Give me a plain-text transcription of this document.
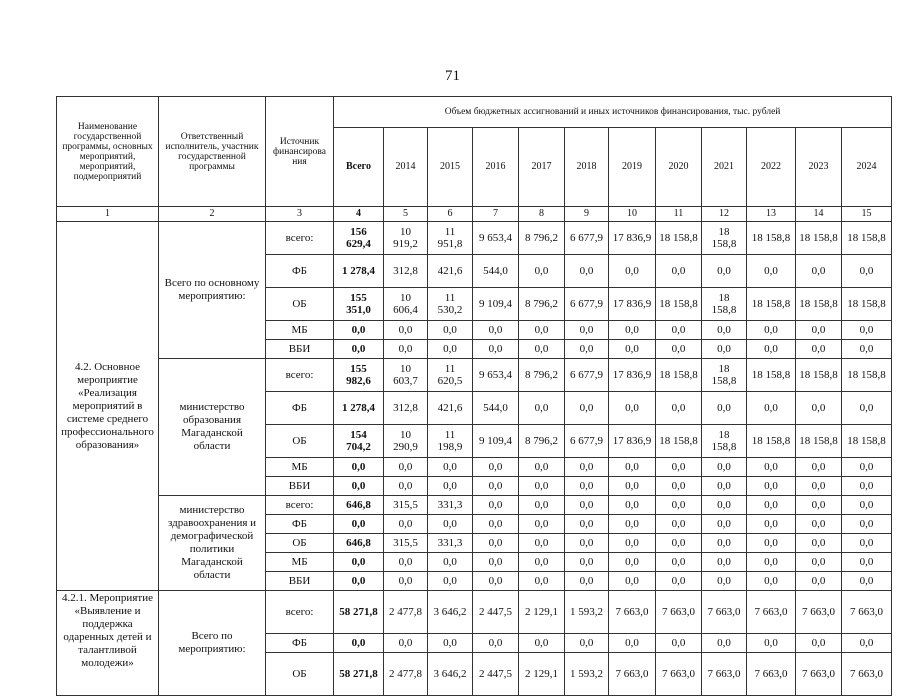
71
Наименование государственной программы, основных мероприятий, мероприятий, подмероприятий	Ответственный исполнитель, участник государственной программы	Источник финансирова ния	Объем бюджетных ассигнований и иных источников финансирования, тыс. рублей											
			Всего	2014	2015	2016	2017	2018	2019	2020	2021	2022	2023	2024
1	2	3	4	5	6	7	8	9	10	11	12	13	14	15
4.2. Основное мероприятие «Реализация мероприятий в системе среднего профессионального образования»	Всего по основному мероприятию:	всего:	156 629,4	10 919,2	11 951,8	9 653,4	8 796,2	6 677,9	17 836,9	18 158,8	18 158,8	18 158,8	18 158,8	18 158,8
		ФБ	1 278,4	312,8	421,6	544,0	0,0	0,0	0,0	0,0	0,0	0,0	0,0	0,0
		ОБ	155 351,0	10 606,4	11 530,2	9 109,4	8 796,2	6 677,9	17 836,9	18 158,8	18 158,8	18 158,8	18 158,8	18 158,8
		МБ	0,0	0,0	0,0	0,0	0,0	0,0	0,0	0,0	0,0	0,0	0,0	0,0
		ВБИ	0,0	0,0	0,0	0,0	0,0	0,0	0,0	0,0	0,0	0,0	0,0	0,0
	министерство образования Магаданской области	всего:	155 982,6	10 603,7	11 620,5	9 653,4	8 796,2	6 677,9	17 836,9	18 158,8	18 158,8	18 158,8	18 158,8	18 158,8
		ФБ	1 278,4	312,8	421,6	544,0	0,0	0,0	0,0	0,0	0,0	0,0	0,0	0,0
		ОБ	154 704,2	10 290,9	11 198,9	9 109,4	8 796,2	6 677,9	17 836,9	18 158,8	18 158,8	18 158,8	18 158,8	18 158,8
		МБ	0,0	0,0	0,0	0,0	0,0	0,0	0,0	0,0	0,0	0,0	0,0	0,0
		ВБИ	0,0	0,0	0,0	0,0	0,0	0,0	0,0	0,0	0,0	0,0	0,0	0,0
	министерство здравоохранения и демографической политики Магаданской области	всего:	646,8	315,5	331,3	0,0	0,0	0,0	0,0	0,0	0,0	0,0	0,0	0,0
		ФБ	0,0	0,0	0,0	0,0	0,0	0,0	0,0	0,0	0,0	0,0	0,0	0,0
		ОБ	646,8	315,5	331,3	0,0	0,0	0,0	0,0	0,0	0,0	0,0	0,0	0,0
		МБ	0,0	0,0	0,0	0,0	0,0	0,0	0,0	0,0	0,0	0,0	0,0	0,0
		ВБИ	0,0	0,0	0,0	0,0	0,0	0,0	0,0	0,0	0,0	0,0	0,0	0,0
4.2.1. Мероприятие «Выявление и поддержка одаренных детей и талантливой молодежи»	Всего по мероприятию:	всего:	58 271,8	2 477,8	3 646,2	2 447,5	2 129,1	1 593,2	7 663,0	7 663,0	7 663,0	7 663,0	7 663,0	7 663,0
		ФБ	0,0	0,0	0,0	0,0	0,0	0,0	0,0	0,0	0,0	0,0	0,0	0,0
		ОБ	58 271,8	2 477,8	3 646,2	2 447,5	2 129,1	1 593,2	7 663,0	7 663,0	7 663,0	7 663,0	7 663,0	7 663,0
